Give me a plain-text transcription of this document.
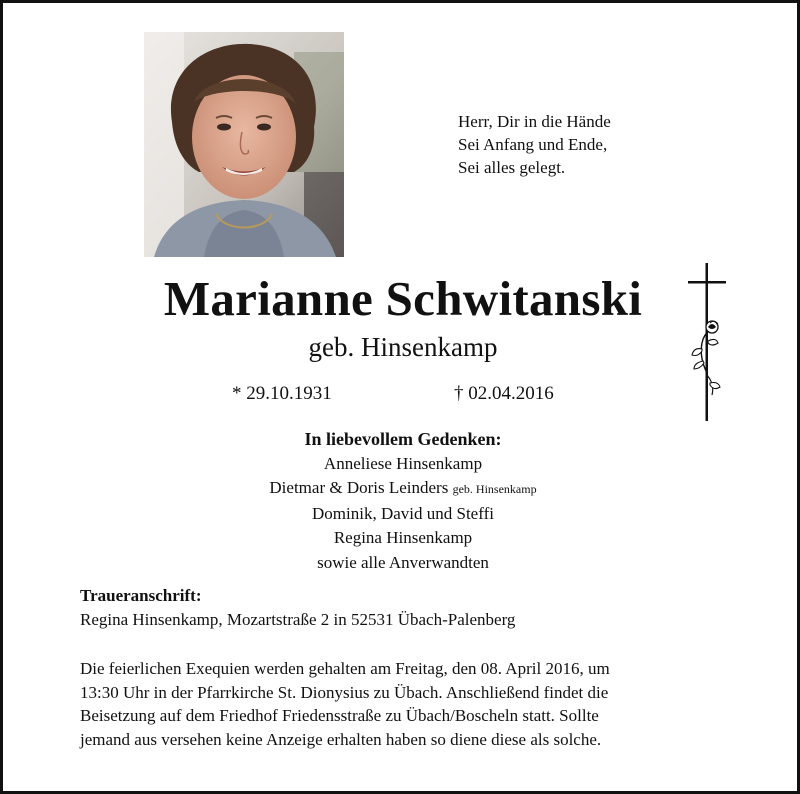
Herr, Dir in die Hände
Sei Anfang und Ende,
Sei alles gelegt.
Marianne Schwitanski
geb. Hinsenkamp
* 29.10.1931	† 02.04.2016
In liebevollem Gedenken:
Anneliese Hinsenkamp
Dietmar & Doris Leinders geb. Hinsenkamp
Dominik, David und Steffi
Regina Hinsenkamp
sowie alle Anverwandten
Traueranschrift:
Regina Hinsenkamp, Mozartstraße 2 in 52531 Übach-Palenberg
Die feierlichen Exequien werden gehalten am Freitag, den 08. April 2016, um
13:30 Uhr in der Pfarrkirche St. Dionysius zu Übach. Anschließend findet die
Beisetzung auf dem Friedhof Friedensstraße zu Übach/Boscheln statt. Sollte
jemand aus versehen keine Anzeige erhalten haben so diene diese als solche.
